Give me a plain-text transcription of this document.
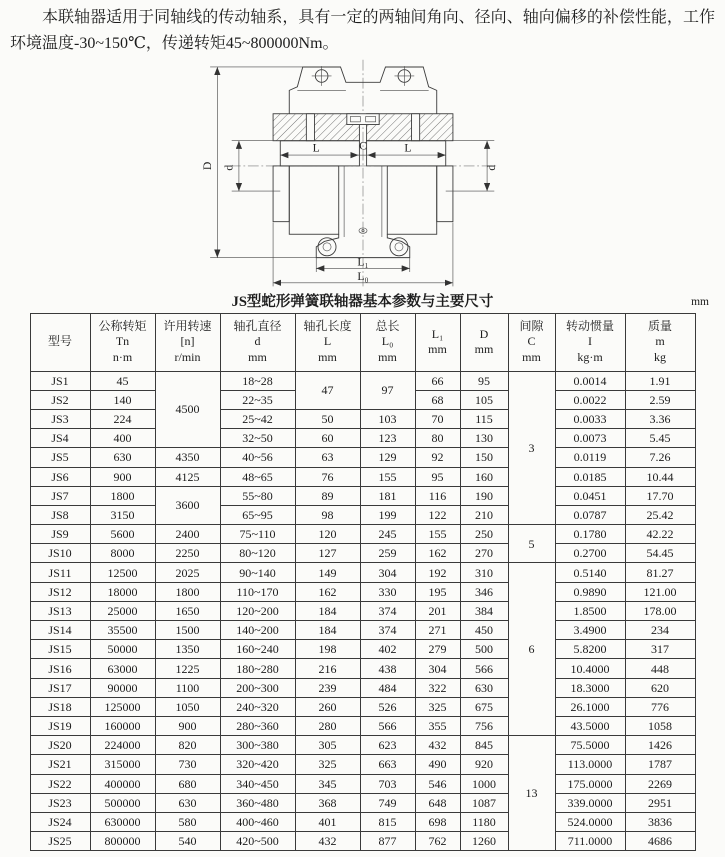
本联轴器适用于同轴线的传动轴系，具有一定的两轴间角向、径向、轴向偏移的补偿性能，工作环境温度-30~150℃，传递转矩45~800000Nm。

L	C	L
D d	d
L₁
L₀
JS型蛇形弹簧联轴器基本参数与主要尺寸	mm
型号

公称转矩
Tn
n·m

许用转速
[n]
r/min

轴孔直径
d
mm

轴孔长度
L
mm

总长
L₀
mm

L₁
mm

D
mm

间隙
C
mm

转动惯量
I
kg·m

质量
m
kg

JS1	45	4500	18~28	47	97	66	95	3	0.0014	1.91
JS2	140		22~35			68	105		0.0022	2.59
JS3	224		25~42	50	103	70	115		0.0033	3.36
JS4	400		32~50	60	123	80	130		0.0073	5.45
JS5	630	4350	40~56	63	129	92	150		0.0119	7.26
JS6	900	4125	48~65	76	155	95	160		0.0185	10.44
JS7	1800	3600	55~80	89	181	116	190		0.0451	17.70
JS8	3150		65~95	98	199	122	210		0.0787	25.42
JS9	5600	2400	75~110	120	245	155	250	5	0.1780	42.22
JS10	8000	2250	80~120	127	259	162	270		0.2700	54.45
JS11	12500	2025	90~140	149	304	192	310	6	0.5140	81.27
JS12	18000	1800	110~170	162	330	195	346		0.9890	121.00
JS13	25000	1650	120~200	184	374	201	384		1.8500	178.00
JS14	35500	1500	140~200	184	374	271	450		3.4900	234
JS15	50000	1350	160~240	198	402	279	500		5.8200	317
JS16	63000	1225	180~280	216	438	304	566		10.4000	448
JS17	90000	1100	200~300	239	484	322	630		18.3000	620
JS18	125000	1050	240~320	260	526	325	675		26.1000	776
JS19	160000	900	280~360	280	566	355	756		43.5000	1058
JS20	224000	820	300~380	305	623	432	845	13	75.5000	1426
JS21	315000	730	320~420	325	663	490	920		113.0000	1787
JS22	400000	680	340~450	345	703	546	1000		175.0000	2269
JS23	500000	630	360~480	368	749	648	1087		339.0000	2951
JS24	630000	580	400~460	401	815	698	1180		524.0000	3836
JS25	800000	540	420~500	432	877	762	1260		711.0000	4686
